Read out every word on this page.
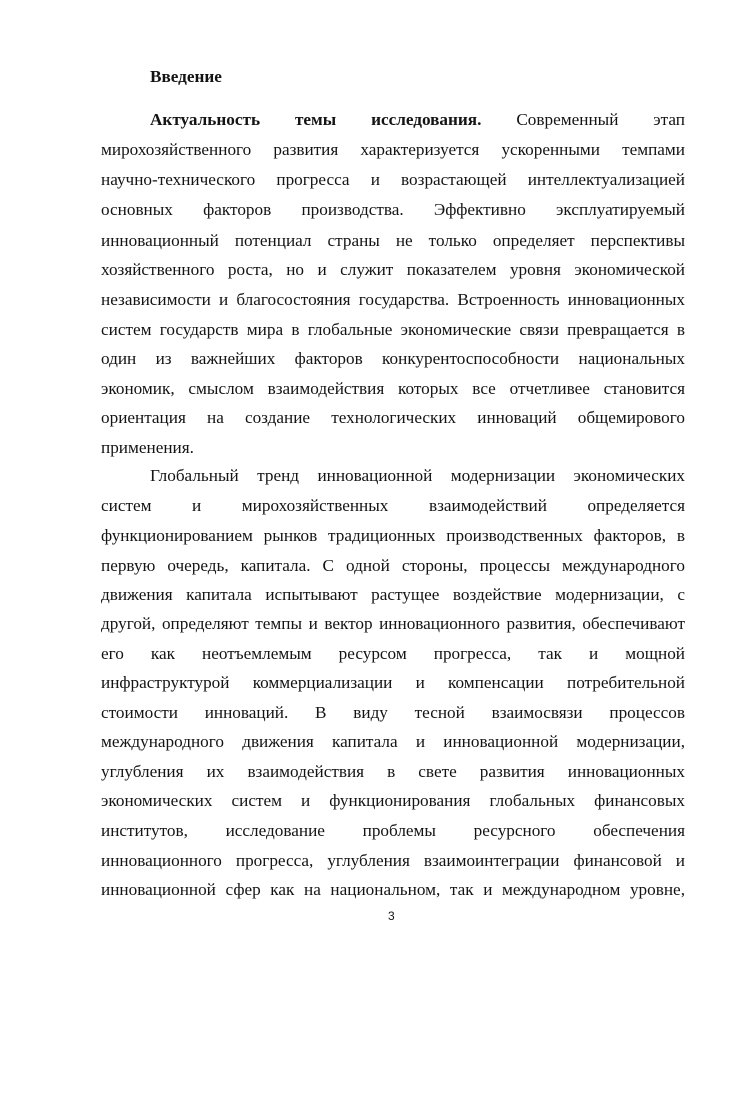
Введение
Актуальность темы исследования. Современный этап
мирохозяйственного развития характеризуется ускоренными темпами
научно-технического прогресса и возрастающей интеллектуализацией
основных факторов производства. Эффективно эксплуатируемый
инновационный потенциал страны не только определяет перспективы
хозяйственного роста, но и служит показателем уровня экономической
независимости и благосостояния государства. Встроенность инновационных
систем государств мира в глобальные экономические связи превращается в
один из важнейших факторов конкурентоспособности национальных
экономик, смыслом взаимодействия которых все отчетливее становится
ориентация на создание технологических инноваций общемирового
применения.
Глобальный тренд инновационной модернизации экономических
систем и мирохозяйственных взаимодействий определяется
функционированием рынков традиционных производственных факторов, в
первую очередь, капитала. С одной стороны, процессы международного
движения капитала испытывают растущее воздействие модернизации, с
другой, определяют темпы и вектор инновационного развития, обеспечивают
его как неотъемлемым ресурсом прогресса, так и мощной
инфраструктурой коммерциализации и компенсации потребительной
стоимости инноваций. В виду тесной взаимосвязи процессов
международного движения капитала и инновационной модернизации,
углубления их взаимодействия в свете развития инновационных
экономических систем и функционирования глобальных финансовых
институтов, исследование проблемы ресурсного обеспечения
инновационного прогресса, углубления взаимоинтеграции финансовой и
инновационной сфер как на национальном, так и международном уровне,
3
